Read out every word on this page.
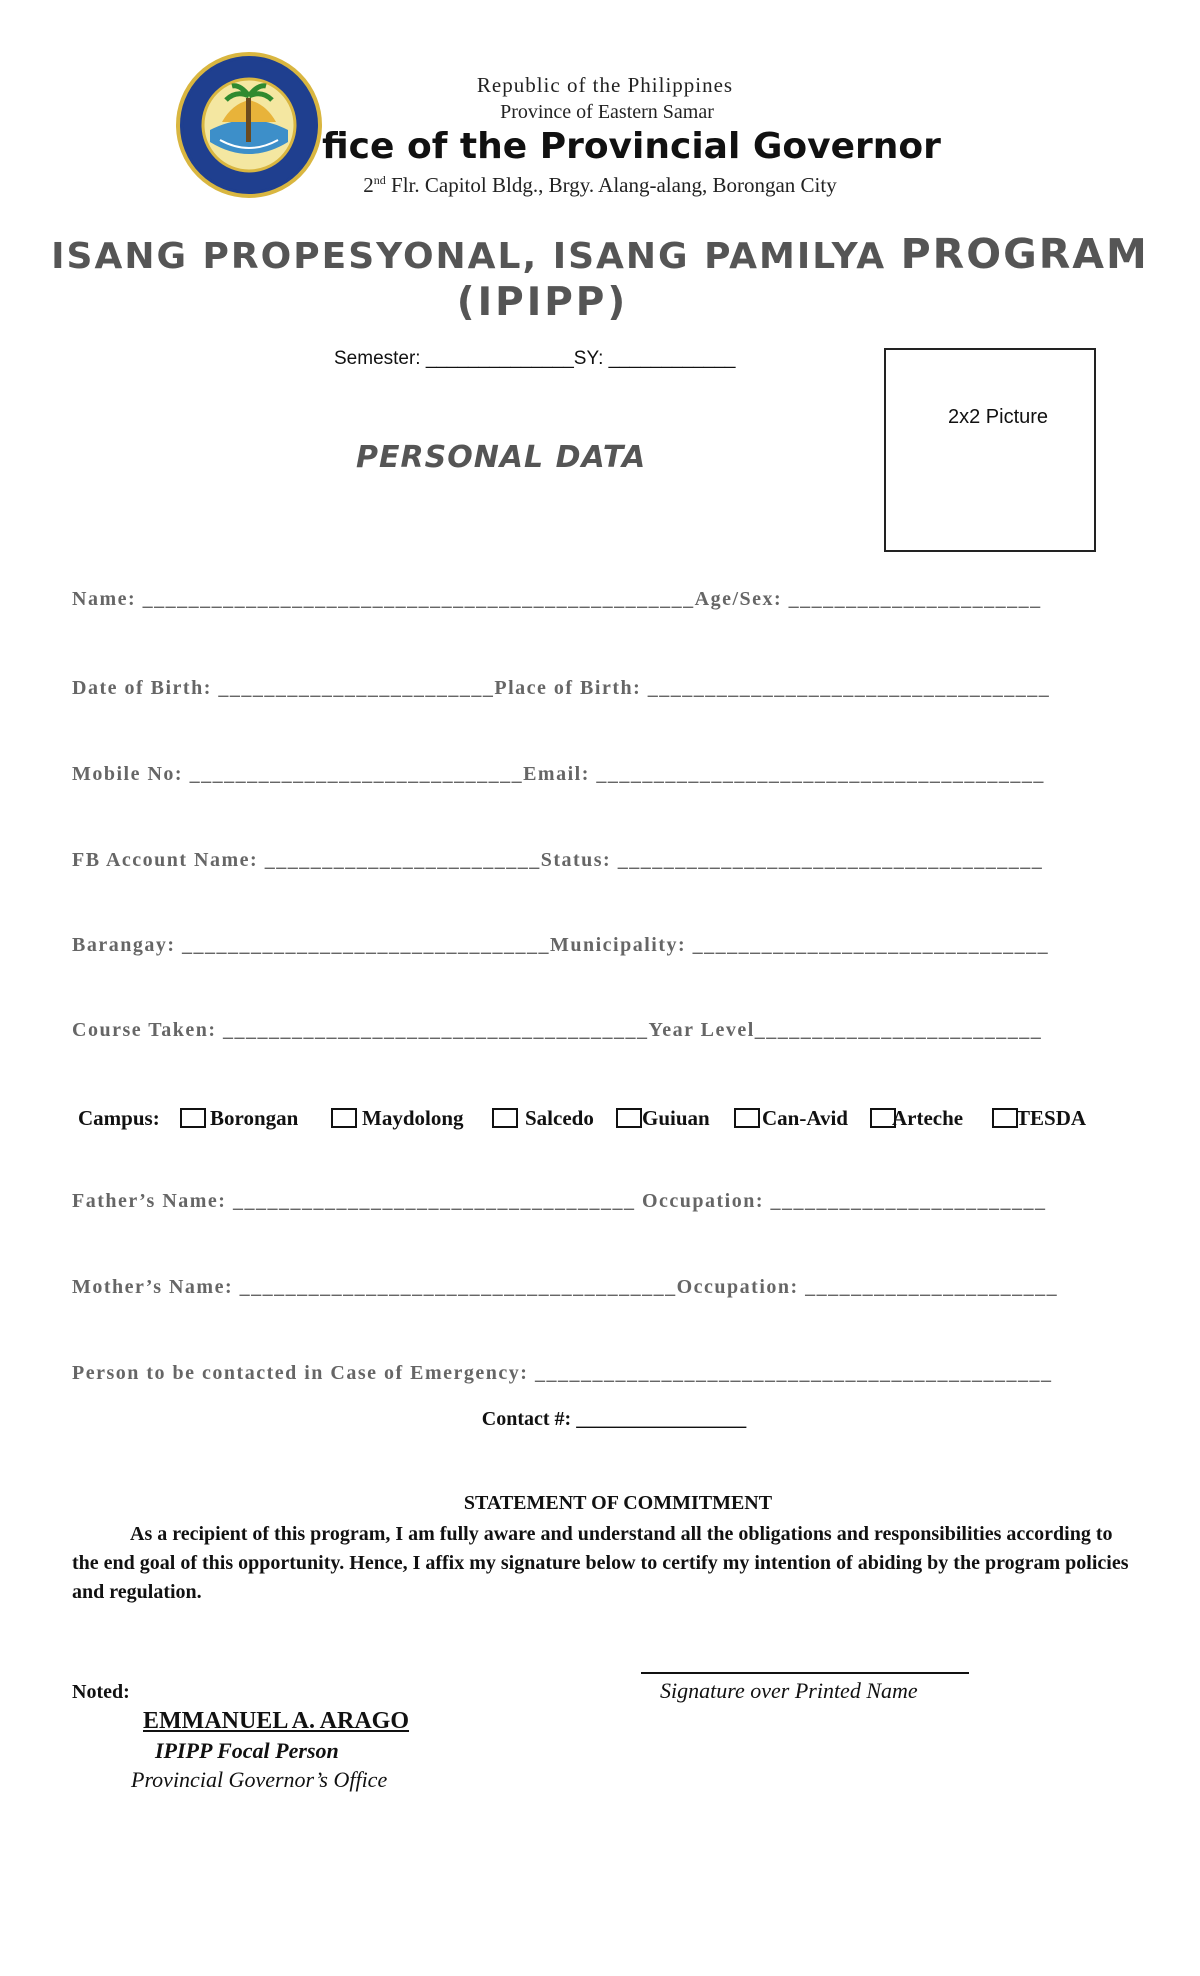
Republic of the Philippines
Province of Eastern Samar
fice of the Provincial Governor
2nd Flr. Capitol Bldg., Brgy. Alang-alang, Borongan City
ISANG PROPESYONAL, ISANG PAMILYA PROGRAM
(IPIPP)
Semester: ______________SY: ____________
PERSONAL DATA
2x2 Picture
Name: ________________________________________________Age/Sex: ______________________
Date of Birth: ________________________Place of Birth: ___________________________________
Mobile No: _____________________________Email: _______________________________________
FB Account Name: ________________________Status: _____________________________________
Barangay: ________________________________Municipality: _______________________________
Course Taken: _____________________________________Year Level_________________________
Campus: Borongan	Maydolong	Salcedo Guiuan Can-Avid Arteche	TESDA
Father’s Name: ___________________________________ Occupation: ________________________
Mother’s Name: ______________________________________Occupation: ______________________
Person to be contacted in Case of Emergency: _____________________________________________
Contact #: _________________
STATEMENT OF COMMITMENT
As a recipient of this program, I am fully aware and understand all the obligations and responsibilities according to the end goal of this opportunity. Hence, I affix my signature below to certify my intention of abiding by the program policies and regulation.
Signature over Printed Name
Noted:
EMMANUEL A. ARAGO
IPIPP Focal Person
Provincial Governor’s Office
